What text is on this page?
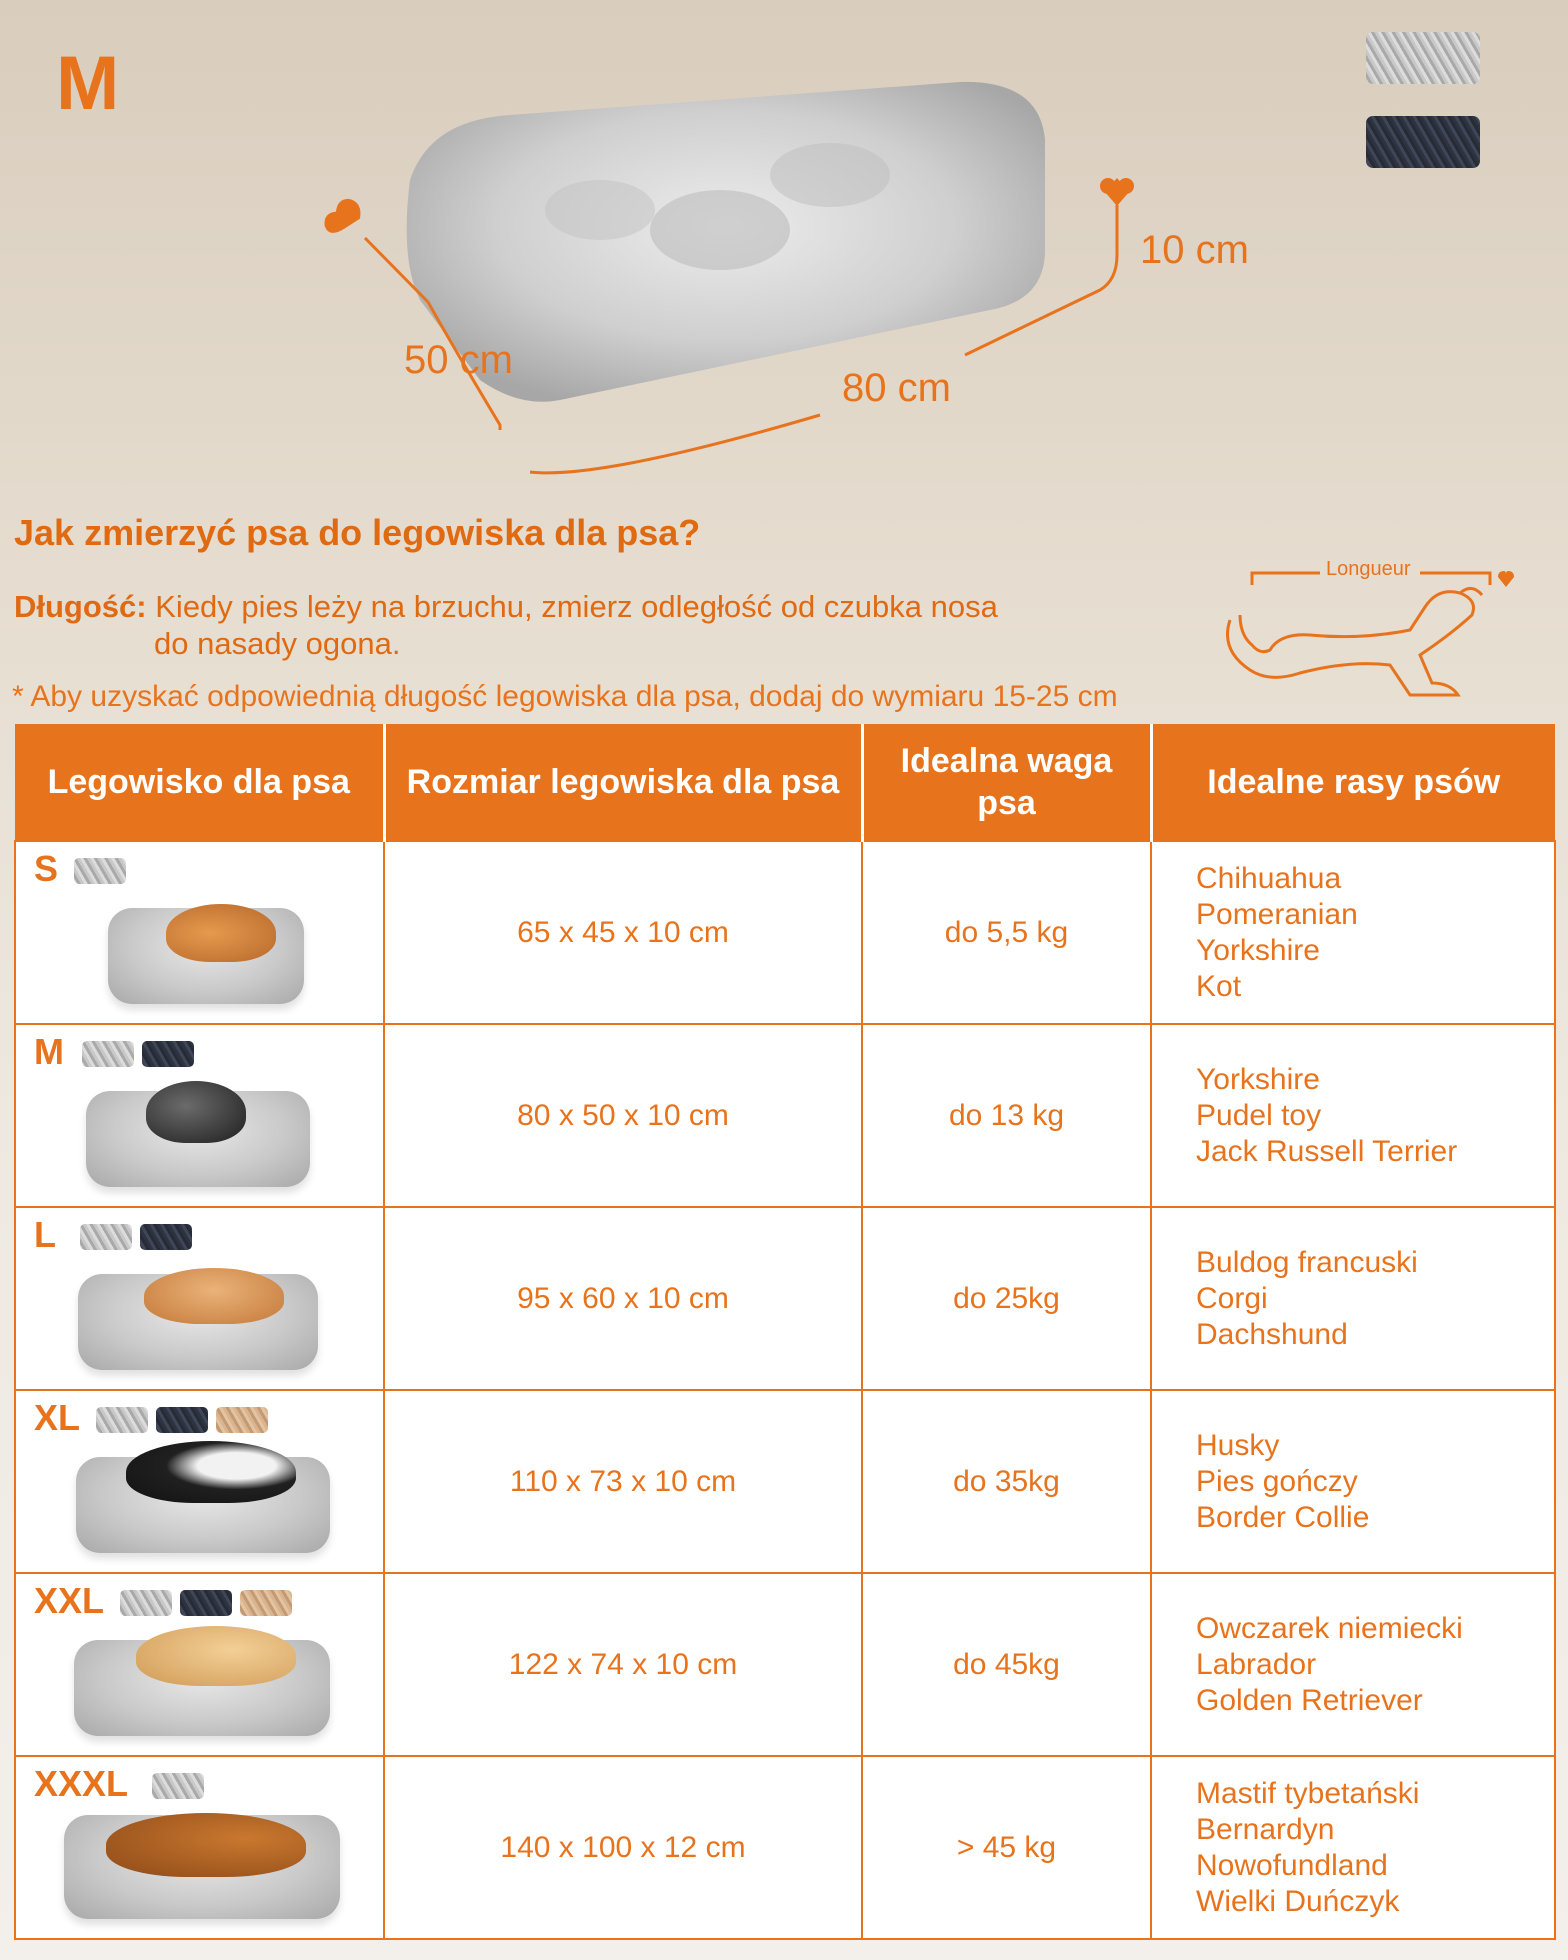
M
50 cm
80 cm
10 cm
Jak zmierzyć psa do legowiska dla psa?
Długość: Kiedy pies leży na brzuchu, zmierz odległość od czubka nosa
do nasady ogona.
* Aby uzyskać odpowiednią długość legowiska dla psa, dodaj do wymiaru 15-25 cm
Longueur
Legowisko dla psa	Rozmiar legowiska dla psa	Idealna waga psa	Idealne rasy psów

S	65 x 45 x 10 cm	do 5,5 kg	Chihuahua
Pomeranian
Yorkshire
Kot

M	80 x 50 x 10 cm	do 13 kg	Yorkshire
Pudel toy
Jack Russell Terrier

L	95 x 60 x 10 cm	do 25kg	Buldog francuski
Corgi
Dachshund

XL	110 x 73 x 10 cm	do 35kg	Husky
Pies gończy
Border Collie

XXL	122 x 74 x 10 cm	do 45kg	Owczarek niemiecki
Labrador
Golden Retriever

XXXL	140 x 100 x 12 cm	> 45 kg	Mastif tybetański
Bernardyn
Nowofundland
Wielki Duńczyk
